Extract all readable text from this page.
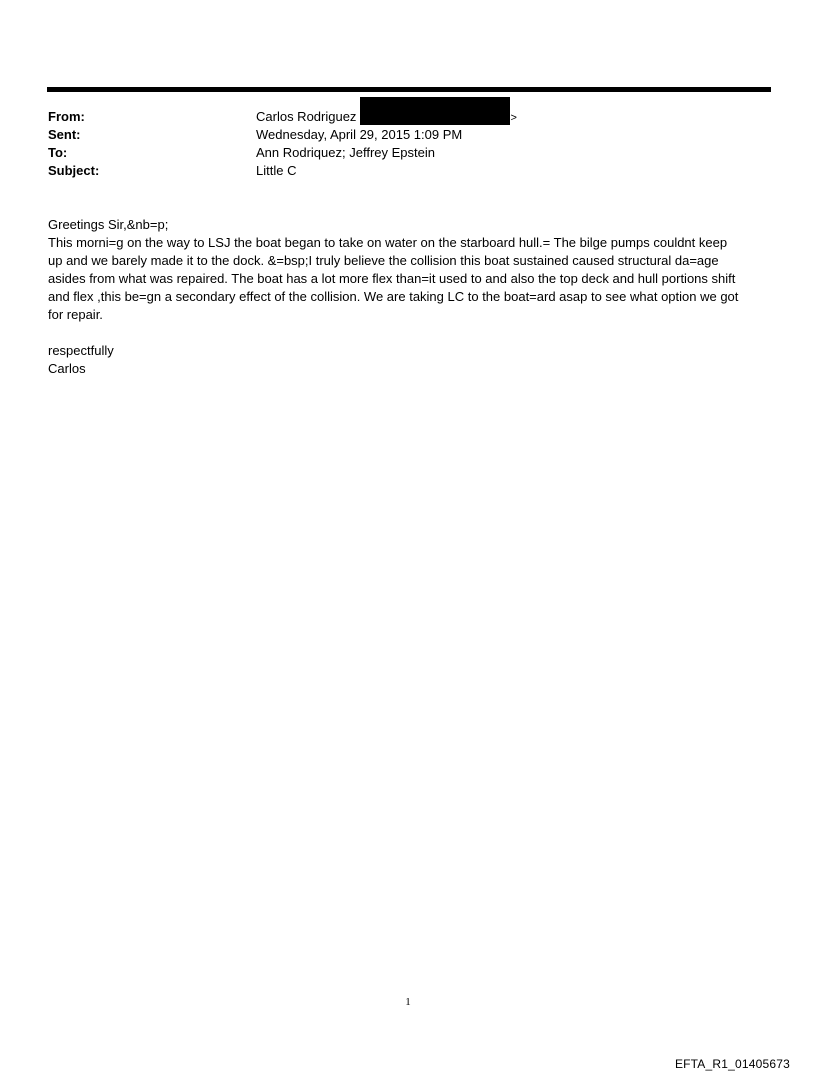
From:	Carlos Rodriguez	>
Sent:	Wednesday, April 29, 2015 1:09 PM
To:	Ann Rodriquez; Jeffrey Epstein
Subject:	Little C
Greetings Sir,&nb=p;
This morni=g on the way to LSJ the boat began to take on water on the starboard hull.= The bilge pumps couldnt keep
up and we barely made it to the dock. &=bsp;I truly believe the collision this boat sustained caused structural da=age
asides from what was repaired. The boat has a lot more flex than=it used to and also the top deck and hull portions shift
and flex ,this be=gn a secondary effect of the collision. We are taking LC to the boat=ard asap to see what option we got
for repair.
respectfully
Carlos
1
EFTA_R1_01405673
